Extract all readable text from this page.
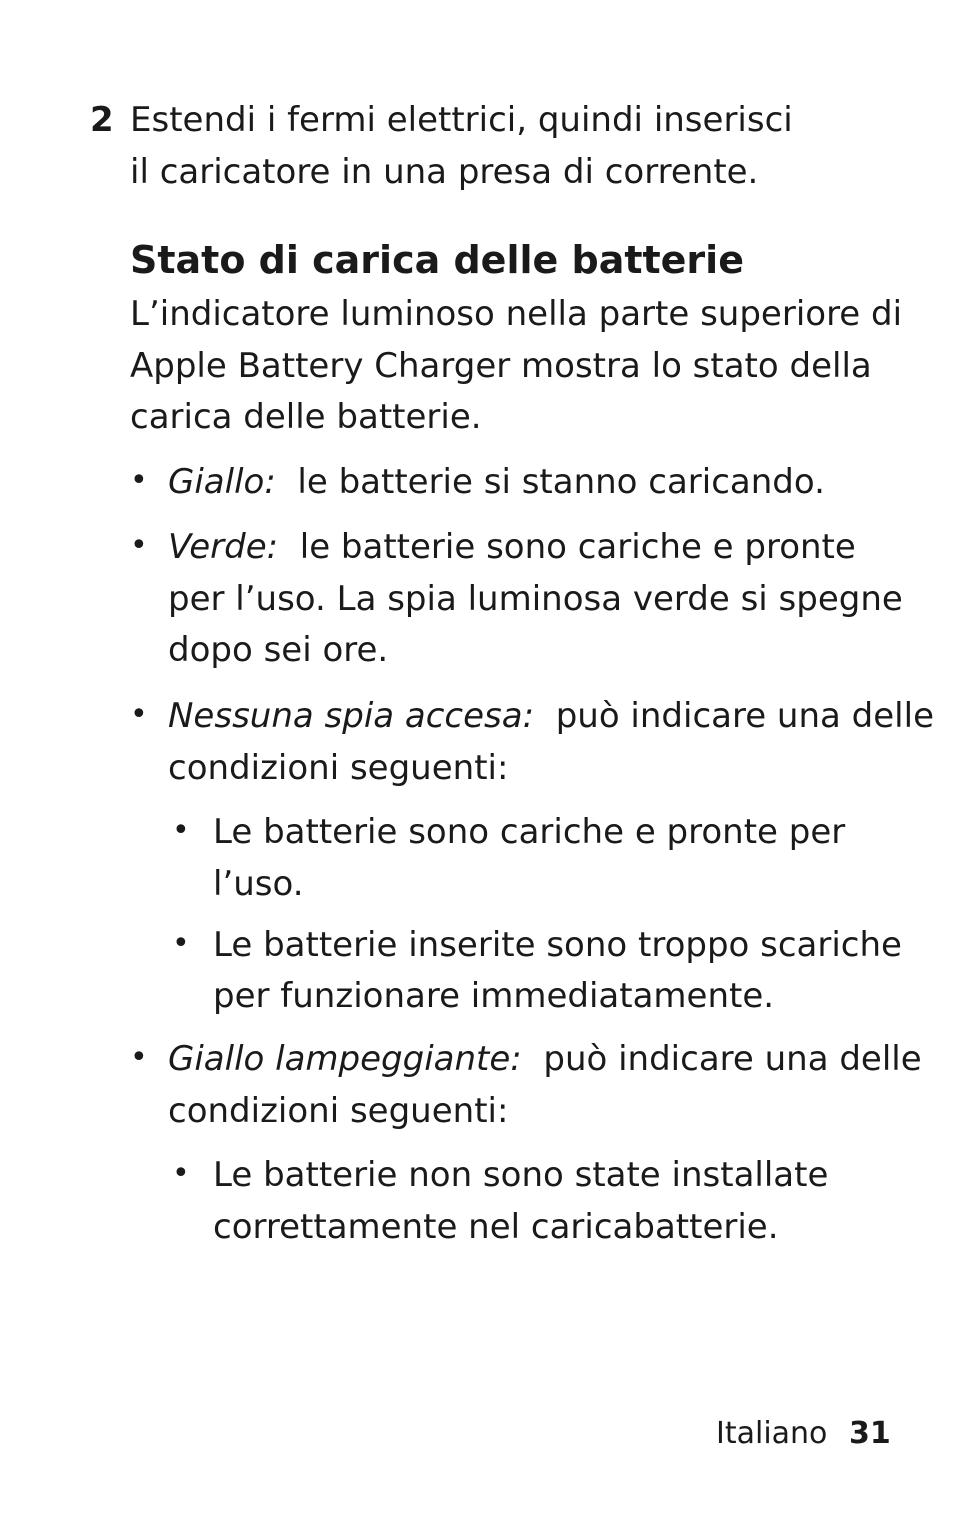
2 Estendi i fermi elettrici, quindi inserisci
il caricatore in una presa di corrente.
Stato di carica delle batterie
L’indicatore luminoso nella parte superiore di
Apple Battery Charger mostra lo stato della
carica delle batterie.
• Giallo: le batterie si stanno caricando.
• Verde: le batterie sono cariche e pronte
per l’uso. La spia luminosa verde si spegne
dopo sei ore.
• Nessuna spia accesa: può indicare una delle
condizioni seguenti:
• Le batterie sono cariche e pronte per
l’uso.
• Le batterie inserite sono troppo scariche
per funzionare immediatamente.
• Giallo lampeggiante: può indicare una delle
condizioni seguenti:
• Le batterie non sono state installate
correttamente nel caricabatterie.
Italiano 31
